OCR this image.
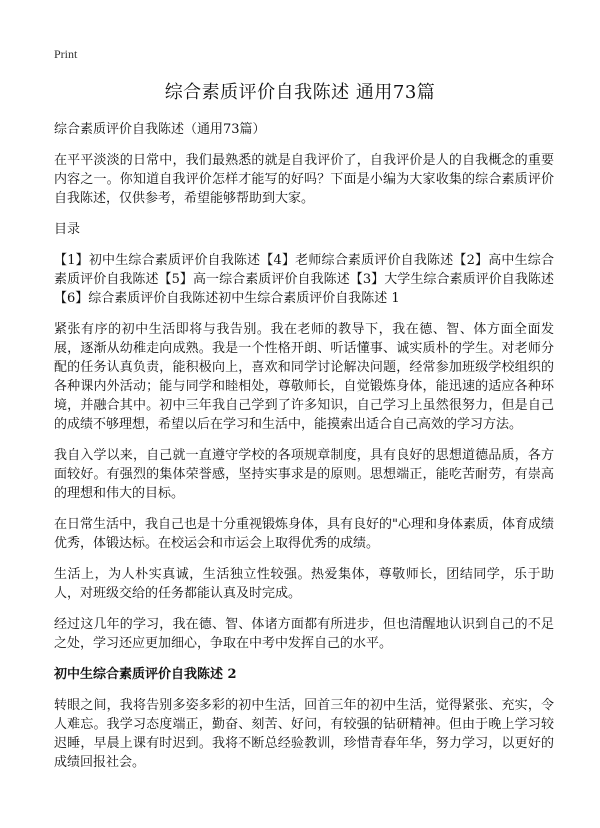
Print
综合素质评价自我陈述 通用73篇

综合素质评价自我陈述（通用73篇）

在平平淡淡的日常中，我们最熟悉的就是自我评价了，自我评价是人的自我概念的重要内容之一。你知道自我评价怎样才能写的好吗？下面是小编为大家收集的综合素质评价自我陈述，仅供参考，希望能够帮助到大家。

目录

【1】初中生综合素质评价自我陈述【4】老师综合素质评价自我陈述【2】高中生综合素质评价自我陈述【5】高一综合素质评价自我陈述【3】大学生综合素质评价自我陈述【6】综合素质评价自我陈述初中生综合素质评价自我陈述 1

紧张有序的初中生活即将与我告别。我在老师的教导下，我在德、智、体方面全面发展，逐渐从幼稚走向成熟。我是一个性格开朗、听话懂事、诚实质朴的学生。对老师分配的任务认真负责，能积极向上，喜欢和同学讨论解决问题，经常参加班级学校组织的各种课内外活动；能与同学和睦相处，尊敬师长，自觉锻炼身体，能迅速的适应各种环境，并融合其中。初中三年我自己学到了许多知识，自己学习上虽然很努力，但是自己的成绩不够理想，希望以后在学习和生活中，能摸索出适合自己高效的学习方法。

我自入学以来，自己就一直遵守学校的各项规章制度，具有良好的思想道德品质，各方面较好。有强烈的集体荣誉感，坚持实事求是的原则。思想端正，能吃苦耐劳，有崇高的理想和伟大的目标。

在日常生活中，我自己也是十分重视锻炼身体，具有良好的"心理和身体素质，体育成绩优秀，体锻达标。在校运会和市运会上取得优秀的成绩。

生活上，为人朴实真诚，生活独立性较强。热爱集体，尊敬师长，团结同学，乐于助人，对班级交给的任务都能认真及时完成。

经过这几年的学习，我在德、智、体诸方面都有所进步，但也清醒地认识到自己的不足之处，学习还应更加细心，争取在中考中发挥自己的水平。

初中生综合素质评价自我陈述 2

转眼之间，我将告别多姿多彩的初中生活，回首三年的初中生活，觉得紧张、充实，令人难忘。我学习态度端正，勤奋、刻苦、好问，有较强的钻研精神。但由于晚上学习较迟睡，早晨上课有时迟到。我将不断总经验教训，珍惜青春年华，努力学习，以更好的成绩回报社会。
